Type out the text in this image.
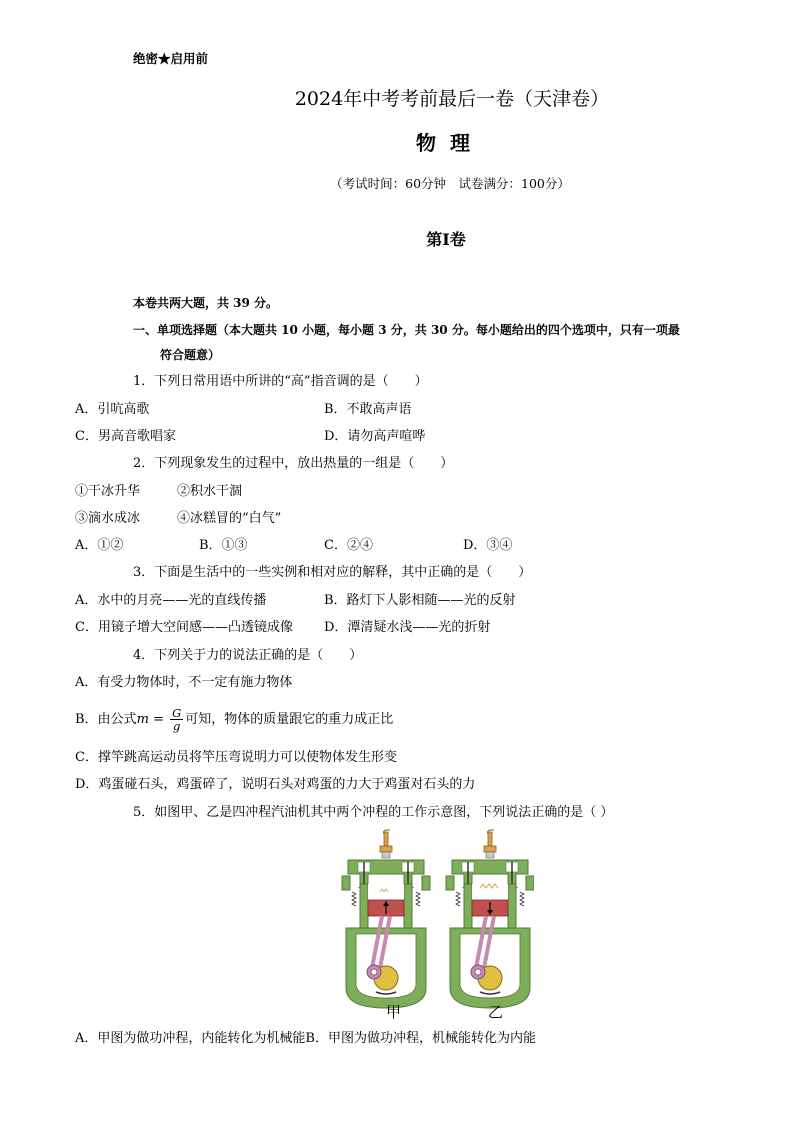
绝密★启用前
2024年中考考前最后一卷（天津卷）
物理
（考试时间：60分钟　试卷满分：100分）
第Ⅰ卷
本卷共两大题，共 39 分。
一、单项选择题（本大题共 10 小题，每小题 3 分，共 30 分。每小题给出的四个选项中，只有一项最
符合题意）
1．下列日常用语中所讲的“高”指音调的是（　　）
A．引吭高歌	B．不敢高声语
C．男高音歌唱家	D．请勿高声喧哗
2．下列现象发生的过程中，放出热量的一组是（　　）
①干冰升华	②积水干涸
③滴水成冰	④冰糕冒的“白气”
A．①②	B．①③	C．②④	D．③④
3．下面是生活中的一些实例和相对应的解释，其中正确的是（　　）
A．水中的月亮——光的直线传播	B．路灯下人影相随——光的反射
C．用镜子增大空间感——凸透镜成像 D．潭清疑水浅——光的折射
4．下列关于力的说法正确的是（　　）
A．有受力物体时，不一定有施力物体
B．由公式$m = \frac{G}{g}$ 可知，物体的质量跟它的重力成正比
C．撑竿跳高运动员将竿压弯说明力可以使物体发生形变
D．鸡蛋碰石头，鸡蛋碎了，说明石头对鸡蛋的力大于鸡蛋对石头的力
5．如图甲、乙是四冲程汽油机其中两个冲程的工作示意图，下列说法正确的是（ ）
甲	乙
A．甲图为做功冲程，内能转化为机械能B．甲图为做功冲程，机械能转化为内能
